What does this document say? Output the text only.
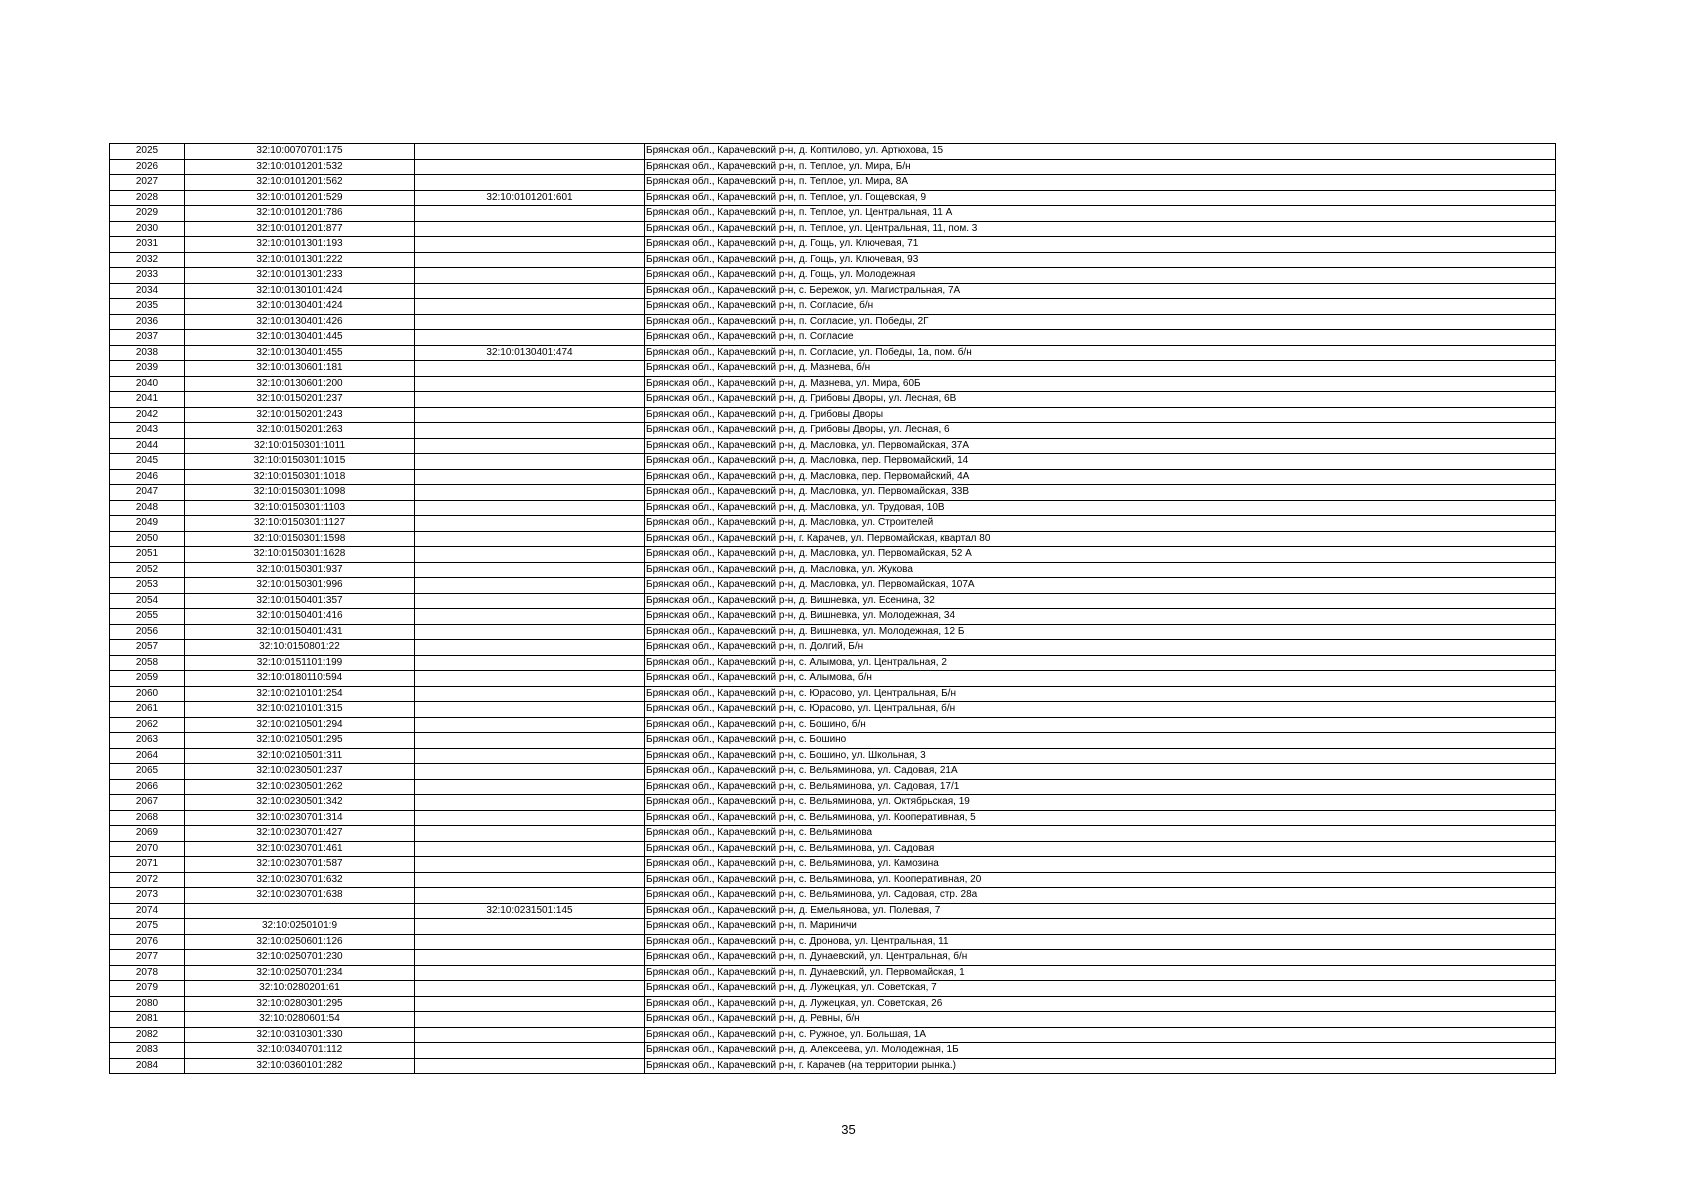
2025	32:10:0070701:175		Брянская обл., Карачевский р-н, д. Коптилово, ул. Артюхова, 15
2026	32:10:0101201:532		Брянская обл., Карачевский р-н, п. Теплое, ул. Мира, Б/н
2027	32:10:0101201:562		Брянская обл., Карачевский р-н, п. Теплое, ул. Мира, 8А
2028	32:10:0101201:529	32:10:0101201:601	Брянская обл., Карачевский р-н, п. Теплое, ул. Гощевская, 9
2029	32:10:0101201:786		Брянская обл., Карачевский р-н, п. Теплое, ул. Центральная, 11 А
2030	32:10:0101201:877		Брянская обл., Карачевский р-н, п. Теплое, ул. Центральная, 11, пом. 3
2031	32:10:0101301:193		Брянская обл., Карачевский р-н, д. Гощь, ул. Ключевая, 71
2032	32:10:0101301:222		Брянская обл., Карачевский р-н, д. Гощь, ул. Ключевая, 93
2033	32:10:0101301:233		Брянская обл., Карачевский р-н, д. Гощь, ул. Молодежная
2034	32:10:0130101:424		Брянская обл., Карачевский р-н, с. Бережок, ул. Магистральная, 7А
2035	32:10:0130401:424		Брянская обл., Карачевский р-н, п. Согласие, б/н
2036	32:10:0130401:426		Брянская обл., Карачевский р-н, п. Согласие, ул. Победы, 2Г
2037	32:10:0130401:445		Брянская обл., Карачевский р-н, п. Согласие
2038	32:10:0130401:455	32:10:0130401:474	Брянская обл., Карачевский р-н, п. Согласие, ул. Победы, 1а, пом. б/н
2039	32:10:0130601:181		Брянская обл., Карачевский р-н, д. Мазнева, б/н
2040	32:10:0130601:200		Брянская обл., Карачевский р-н, д. Мазнева, ул. Мира, 60Б
2041	32:10:0150201:237		Брянская обл., Карачевский р-н, д. Грибовы Дворы, ул. Лесная, 6В
2042	32:10:0150201:243		Брянская обл., Карачевский р-н, д. Грибовы Дворы
2043	32:10:0150201:263		Брянская обл., Карачевский р-н, д. Грибовы Дворы, ул. Лесная, 6
2044	32:10:0150301:1011		Брянская обл., Карачевский р-н, д. Масловка, ул. Первомайская, 37А
2045	32:10:0150301:1015		Брянская обл., Карачевский р-н, д. Масловка, пер. Первомайский, 14
2046	32:10:0150301:1018		Брянская обл., Карачевский р-н, д. Масловка, пер. Первомайский, 4А
2047	32:10:0150301:1098		Брянская обл., Карачевский р-н, д. Масловка, ул. Первомайская, 33В
2048	32:10:0150301:1103		Брянская обл., Карачевский р-н, д. Масловка, ул. Трудовая, 10В
2049	32:10:0150301:1127		Брянская обл., Карачевский р-н, д. Масловка, ул. Строителей
2050	32:10:0150301:1598		Брянская обл., Карачевский р-н, г. Карачев, ул. Первомайская, квартал 80
2051	32:10:0150301:1628		Брянская обл., Карачевский р-н, д. Масловка, ул. Первомайская, 52 А
2052	32:10:0150301:937		Брянская обл., Карачевский р-н, д. Масловка, ул. Жукова
2053	32:10:0150301:996		Брянская обл., Карачевский р-н, д. Масловка, ул. Первомайская, 107А
2054	32:10:0150401:357		Брянская обл., Карачевский р-н, д. Вишневка, ул. Есенина, 32
2055	32:10:0150401:416		Брянская обл., Карачевский р-н, д. Вишневка, ул. Молодежная, 34
2056	32:10:0150401:431		Брянская обл., Карачевский р-н, д. Вишневка, ул. Молодежная, 12 Б
2057	32:10:0150801:22		Брянская обл., Карачевский р-н, п. Долгий, Б/н
2058	32:10:0151101:199		Брянская обл., Карачевский р-н, с. Алымова, ул. Центральная, 2
2059	32:10:0180110:594		Брянская обл., Карачевский р-н, с. Алымова, б/н
2060	32:10:0210101:254		Брянская обл., Карачевский р-н, с. Юрасово, ул. Центральная, Б/н
2061	32:10:0210101:315		Брянская обл., Карачевский р-н, с. Юрасово, ул. Центральная, б/н
2062	32:10:0210501:294		Брянская обл., Карачевский р-н, с. Бошино, б/н
2063	32:10:0210501:295		Брянская обл., Карачевский р-н, с. Бошино
2064	32:10:0210501:311		Брянская обл., Карачевский р-н, с. Бошино, ул. Школьная, 3
2065	32:10:0230501:237		Брянская обл., Карачевский р-н, с. Вельяминова, ул. Садовая, 21А
2066	32:10:0230501:262		Брянская обл., Карачевский р-н, с. Вельяминова, ул. Садовая, 17/1
2067	32:10:0230501:342		Брянская обл., Карачевский р-н, с. Вельяминова, ул. Октябрьская, 19
2068	32:10:0230701:314		Брянская обл., Карачевский р-н, с. Вельяминова, ул. Кооперативная, 5
2069	32:10:0230701:427		Брянская обл., Карачевский р-н, с. Вельяминова
2070	32:10:0230701:461		Брянская обл., Карачевский р-н, с. Вельяминова, ул. Садовая
2071	32:10:0230701:587		Брянская обл., Карачевский р-н, с. Вельяминова, ул. Камозина
2072	32:10:0230701:632		Брянская обл., Карачевский р-н, с. Вельяминова, ул. Кооперативная, 20
2073	32:10:0230701:638		Брянская обл., Карачевский р-н, с. Вельяминова, ул. Садовая, стр. 28а
2074		32:10:0231501:145	Брянская обл., Карачевский р-н, д. Емельянова, ул. Полевая, 7
2075	32:10:0250101:9		Брянская обл., Карачевский р-н, п. Мариничи
2076	32:10:0250601:126		Брянская обл., Карачевский р-н, с. Дронова, ул. Центральная, 11
2077	32:10:0250701:230		Брянская обл., Карачевский р-н, п. Дунаевский, ул. Центральная, б/н
2078	32:10:0250701:234		Брянская обл., Карачевский р-н, п. Дунаевский, ул. Первомайская, 1
2079	32:10:0280201:61		Брянская обл., Карачевский р-н, д. Лужецкая, ул. Советская, 7
2080	32:10:0280301:295		Брянская обл., Карачевский р-н, д. Лужецкая, ул. Советская, 26
2081	32:10:0280601:54		Брянская обл., Карачевский р-н, д. Ревны, б/н
2082	32:10:0310301:330		Брянская обл., Карачевский р-н, с. Ружное, ул. Большая, 1А
2083	32:10:0340701:112		Брянская обл., Карачевский р-н, д. Алексеева, ул. Молодежная, 1Б
2084	32:10:0360101:282		Брянская обл., Карачевский р-н, г. Карачев (на территории рынка.)
35
